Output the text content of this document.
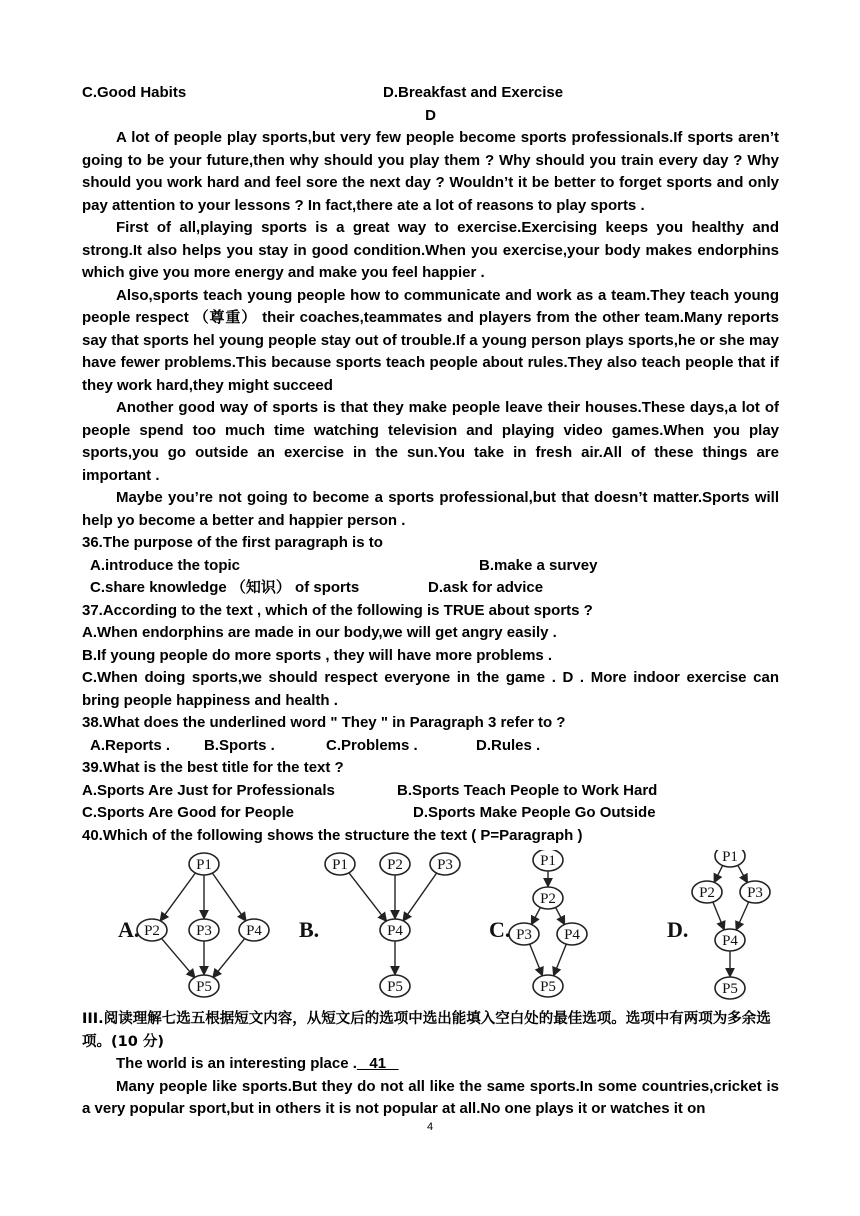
C.Good Habits	D.Breakfast and Exercise
D

A lot of people play sports,but very few people become sports professionals.If sports aren’t going to be your future,then why should you play them ? Why should you train every day ? Why should you work hard and feel sore the next day ? Wouldn’t it be better to forget sports and only pay attention to your lessons ? In fact,there ate a lot of reasons to play sports .

First of all,playing sports is a great way to exercise.Exercising keeps you healthy and strong.It also helps you stay in good condition.When you exercise,your body makes endorphins which give you more energy and make you feel happier .

Also,sports teach young people how to communicate and work as a team.They teach young people respect （尊重） their coaches,teammates and players from the other team.Many reports say that sports hel young people stay out of trouble.If a young person plays sports,he or she may have fewer problems.This because sports teach people about rules.They also teach people that if they work hard,they might succeed

Another good way of sports is that they make people leave their houses.These days,a lot of people spend too much time watching television and playing video games.When you play sports,you go outside an exercise in the sun.You take in fresh air.All of these things are important .

Maybe you’re not going to become a sports professional,but that doesn’t matter.Sports will help yo become a better and happier person .

36.The purpose of the first paragraph is to
A.introduce the topic	B.make a survey
C.share knowledge （知识） of sports	D.ask for advice
37.According to the text , which of the following is TRUE about sports ?
A.When endorphins are made in our body,we will get angry easily .
B.If young people do more sports , they will have more problems .

C.When doing sports,we should respect everyone in the game . D . More indoor exercise can bring people happiness and health .

38.What does the underlined word " They " in Paragraph 3 refer to ?
A.Reports .	B.Sports .	C.Problems .	D.Rules .
39.What is the best title for the text ?
A.Sports Are Just for Professionals	B.Sports Teach People to Work Hard
C.Sports Are Good for People	D.Sports Make People Go Outside
40.Which of the following shows the structure the text ( P=Paragraph )
P1
P2 P3 P4
P5
A.
P1	P2 P3
P4
P5
B.
P1
P2
P3 P4
P5
C.
P1
P2 P3
P4
P5
D.
III.阅读理解七选五根据短文内容，从短文后的选项中选出能填入空白处的最佳选项。选项中有两项为多余选项。(10 分)
The world is an interesting place .   41

Many people like sports.But they do not all like the same sports.In some countries,cricket is a very popular sport,but in others it is not popular at all.No one plays it or watches it on

4
